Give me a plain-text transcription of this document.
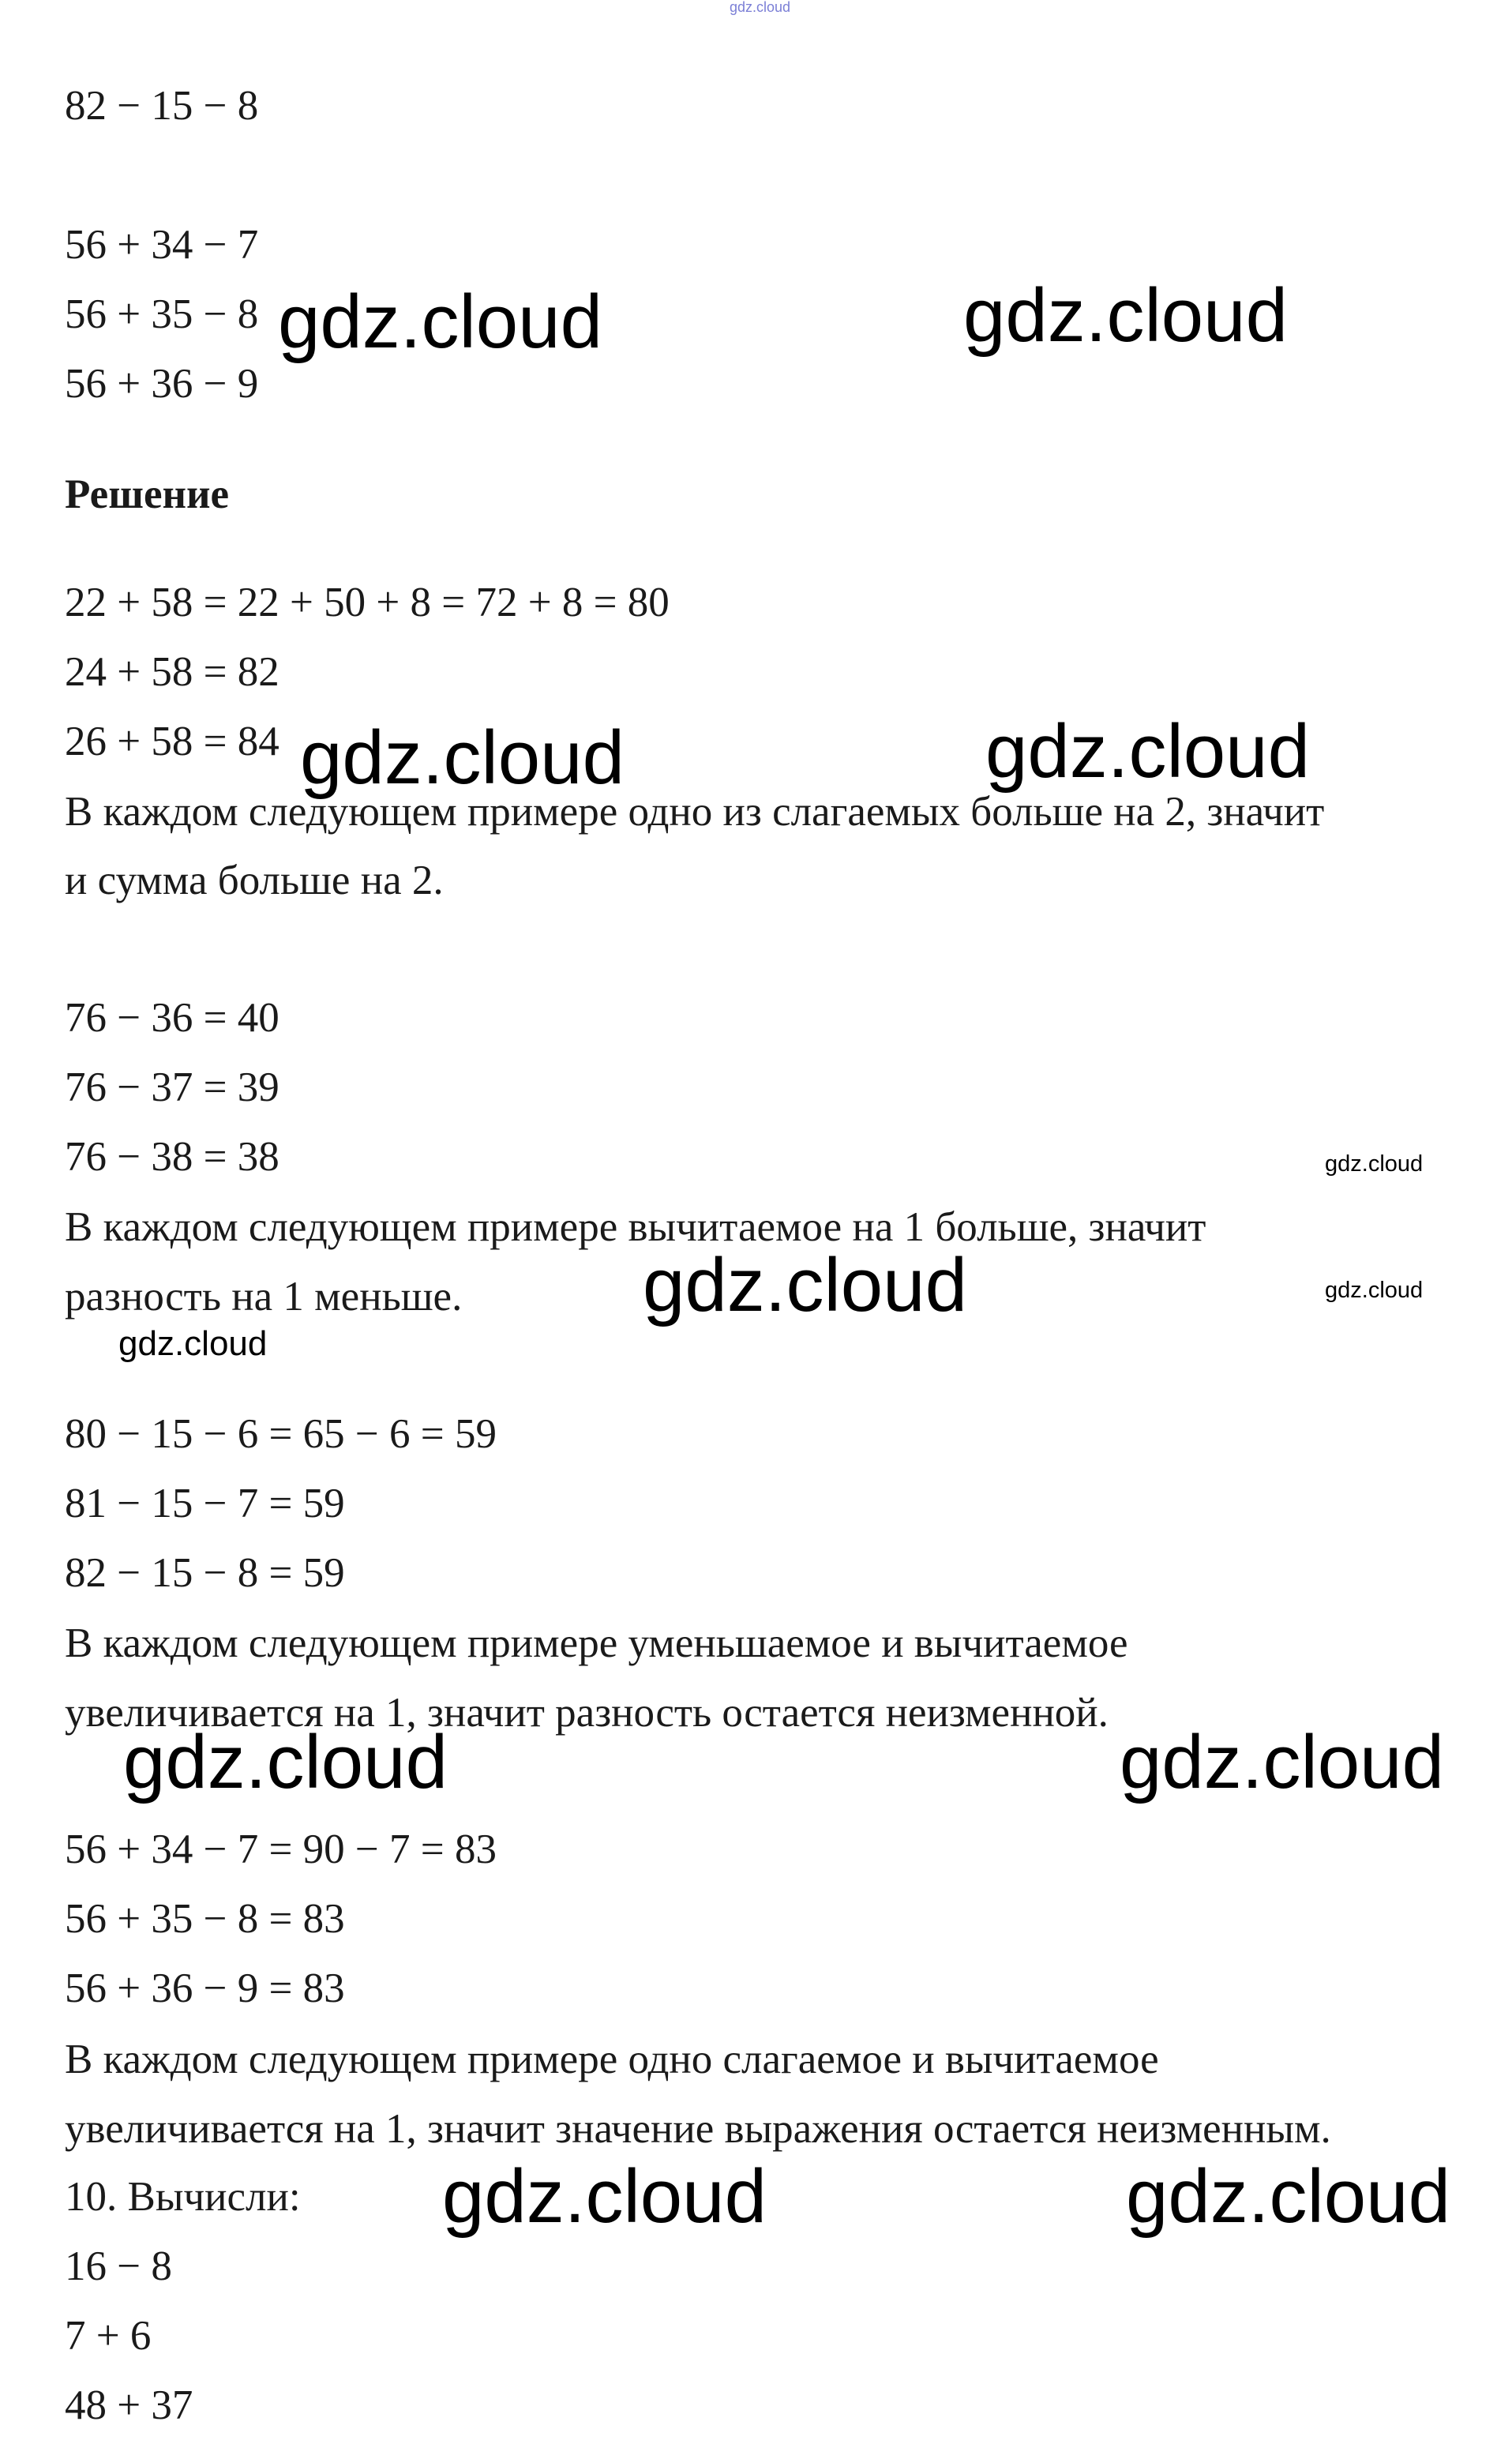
gdz.cloud
82 − 15 − 8
56 + 34 − 7
56 + 35 − 8
56 + 36 − 9
Решение
22 + 58 = 22 + 50 + 8 = 72 + 8 = 80
24 + 58 = 82
26 + 58 = 84
В каждом следующем примере одно из слагаемых больше на 2, значит
и сумма больше на 2.
76 − 36 = 40
76 − 37 = 39
76 − 38 = 38
В каждом следующем примере вычитаемое на 1 больше, значит
разность на 1 меньше.
80 − 15 − 6 = 65 − 6 = 59
81 − 15 − 7 = 59
82 − 15 − 8 = 59
В каждом следующем примере уменьшаемое и вычитаемое
увеличивается на 1, значит разность остается неизменной.
56 + 34 − 7 = 90 − 7 = 83
56 + 35 − 8 = 83
56 + 36 − 9 = 83
В каждом следующем примере одно слагаемое и вычитаемое
увеличивается на 1, значит значение выражения остается неизменным.
10. Вычисли:
16 − 8
7 + 6
48 + 37
gdz.cloud	gdz.cloud
gdz.cloud	gdz.cloud
gdz.cloud
gdz.cloud	gdz.cloud
gdz.cloud
gdz.cloud	gdz.cloud
gdz.cloud	gdz.cloud
